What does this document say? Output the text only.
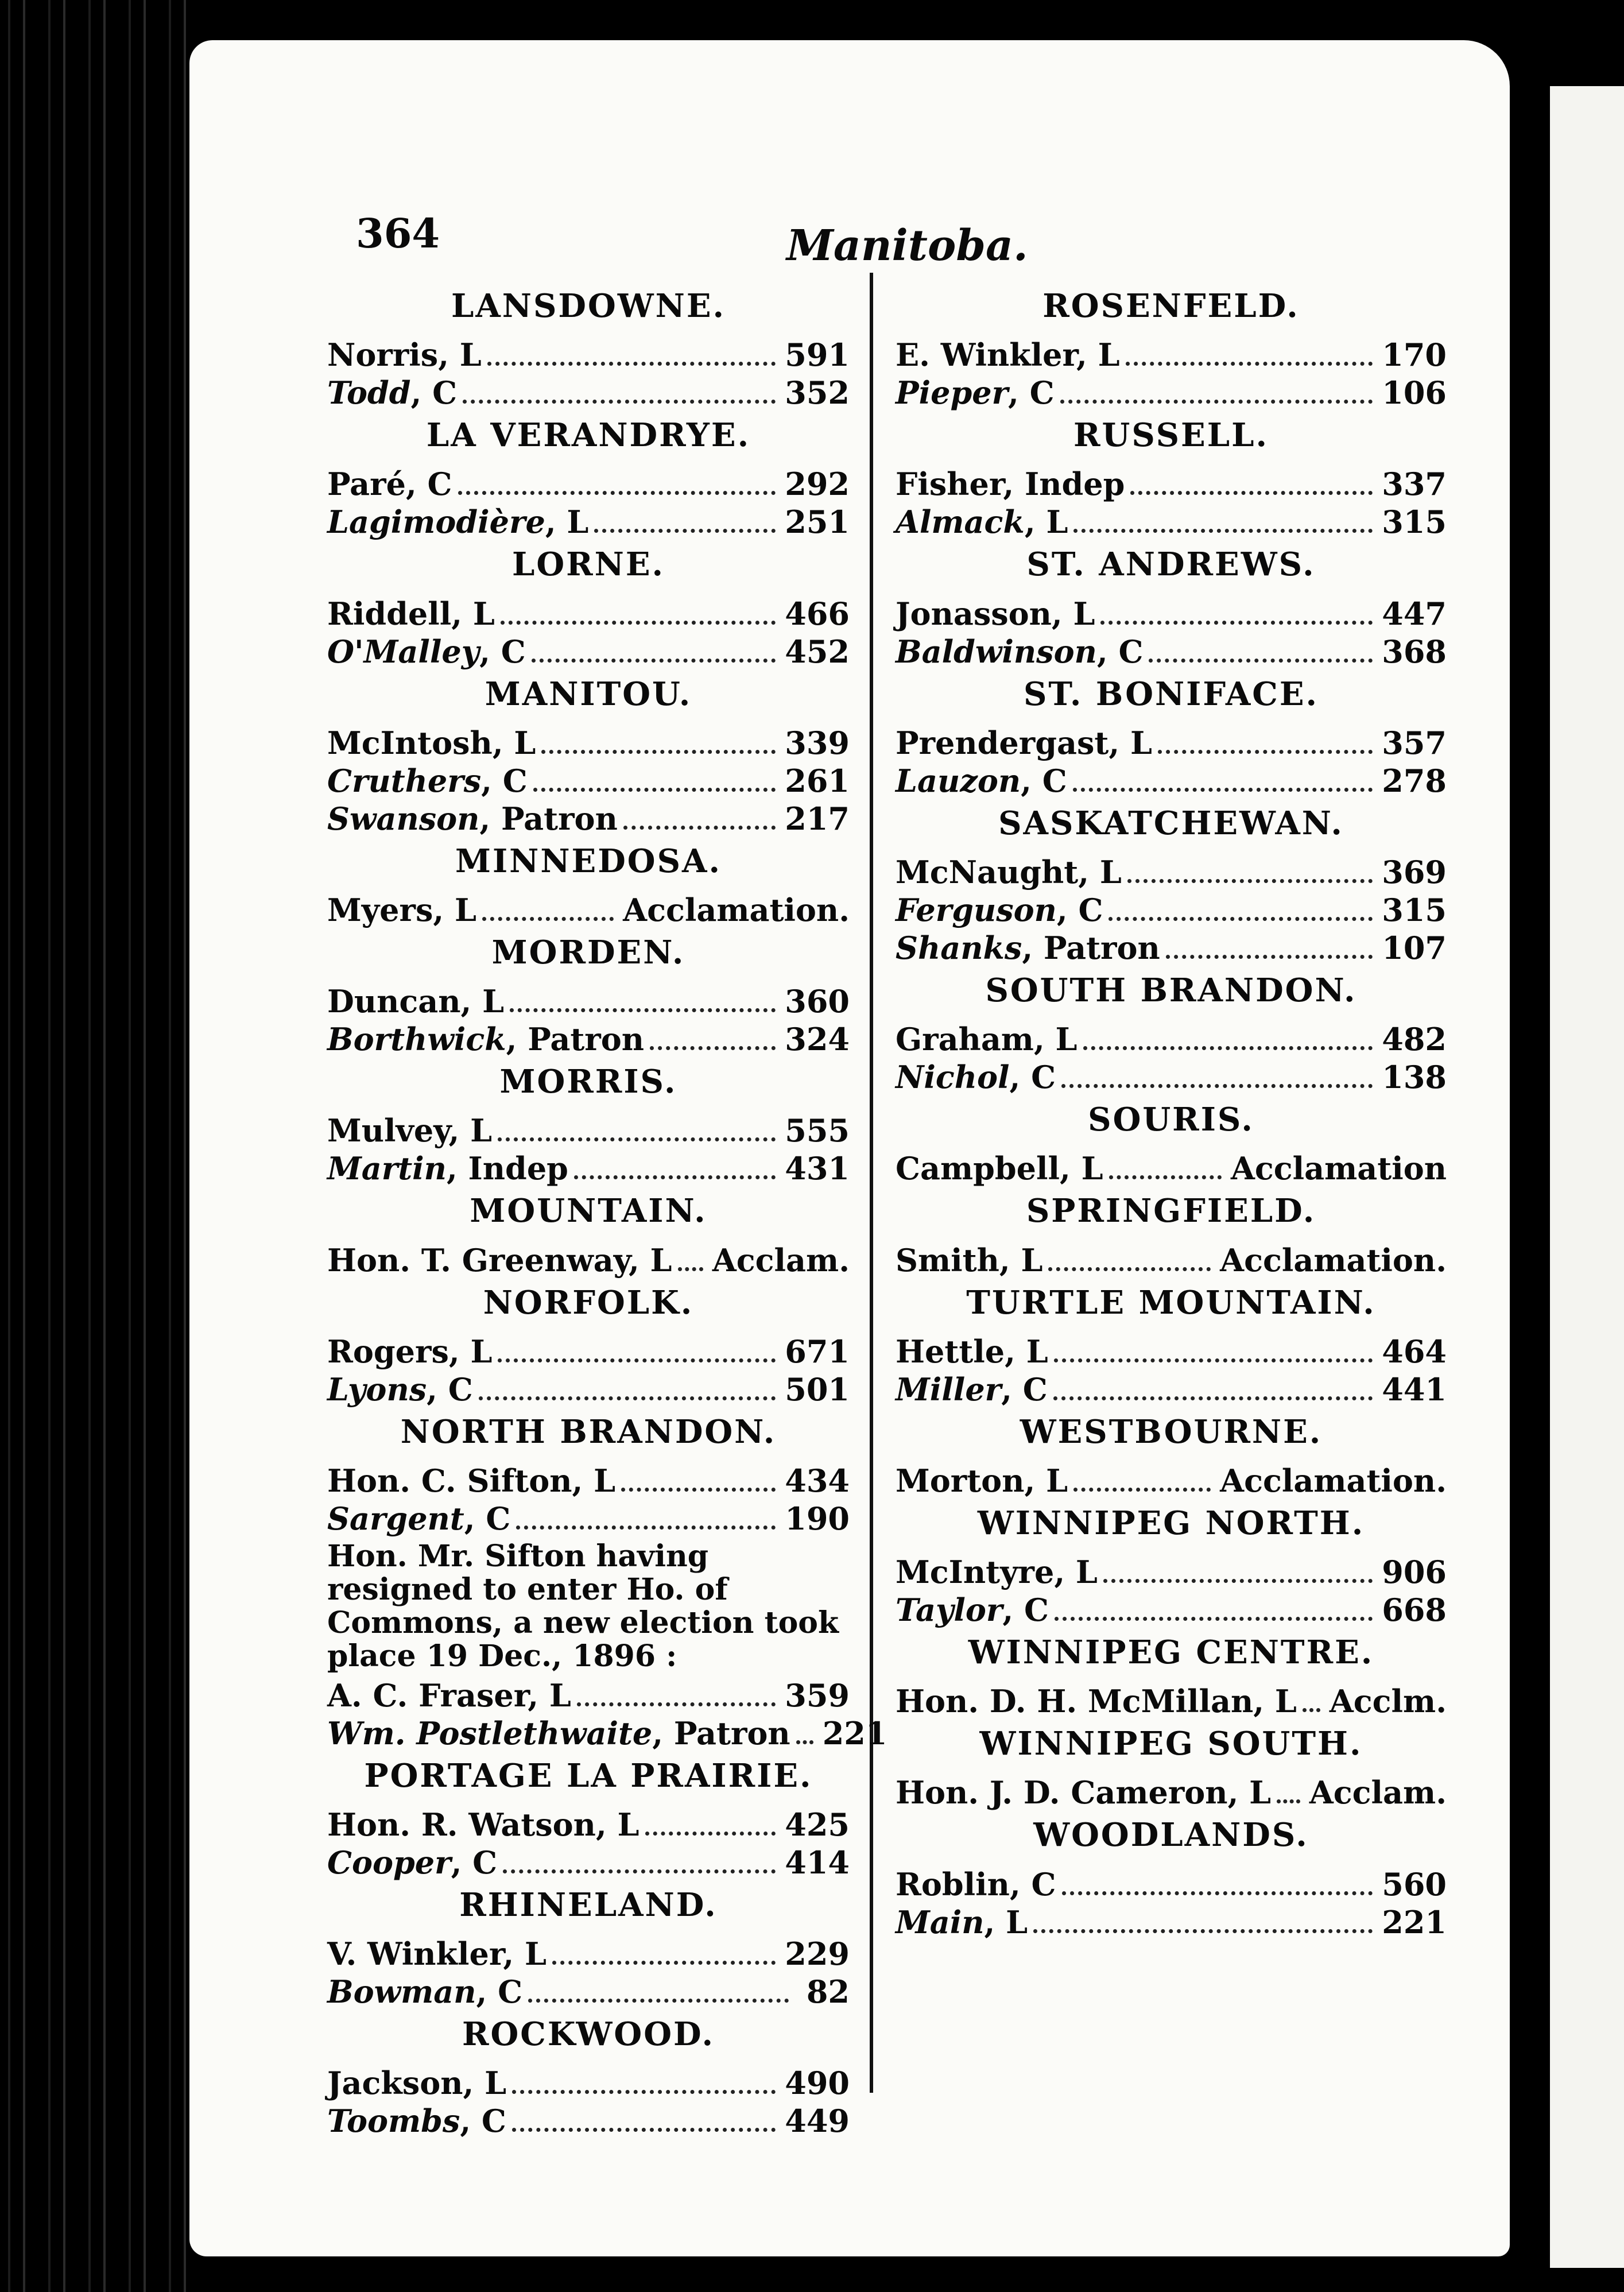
364	Manitoba.
LANSDOWNE.
Norris, L	591
Todd, C	352
LA VERANDRYE.
Paré, C	292
Lagimodière, L	251
LORNE.
Riddell, L	466
O'Malley, C	452
MANITOU.
McIntosh, L	339
Cruthers, C	261
Swanson, Patron	217
MINNEDOSA.
Myers, L	Acclamation.
MORDEN.
Duncan, L	360
Borthwick, Patron	324
MORRIS.
Mulvey, L	555
Martin, Indep	431
MOUNTAIN.
Hon. T. Greenway, L Acclam.
NORFOLK.
Rogers, L	671
Lyons, C	501
NORTH BRANDON.
Hon. C. Sifton, L	434
Sargent, C	190
Hon. Mr. Sifton having resigned to enter Ho. of Commons, a new election took place 19 Dec., 1896 :
A. C. Fraser, L	359
Wm. Postlethwaite, Patron 221
PORTAGE LA PRAIRIE.
Hon. R. Watson, L	425
Cooper, C	414
RHINELAND.
V. Winkler, L	229
Bowman, C	82
ROCKWOOD.
Jackson, L	490
Toombs, C	449
ROSENFELD.
E. Winkler, L	170
Pieper, C	106
RUSSELL.
Fisher, Indep	337
Almack, L	315
ST. ANDREWS.
Jonasson, L	447
Baldwinson, C	368
ST. BONIFACE.
Prendergast, L	357
Lauzon, C	278
SASKATCHEWAN.
McNaught, L	369
Ferguson, C	315
Shanks, Patron	107
SOUTH BRANDON.
Graham, L	482
Nichol, C	138
SOURIS.
Campbell, L	Acclamation
SPRINGFIELD.
Smith, L	Acclamation.
TURTLE MOUNTAIN.
Hettle, L	464
Miller, C	441
WESTBOURNE.
Morton, L	Acclamation.
WINNIPEG NORTH.
McIntyre, L	906
Taylor, C	668
WINNIPEG CENTRE.
Hon. D. H. McMillan, L Acclm.
WINNIPEG SOUTH.
Hon. J. D. Cameron, L Acclam.
WOODLANDS.
Roblin, C	560
Main, L	221
